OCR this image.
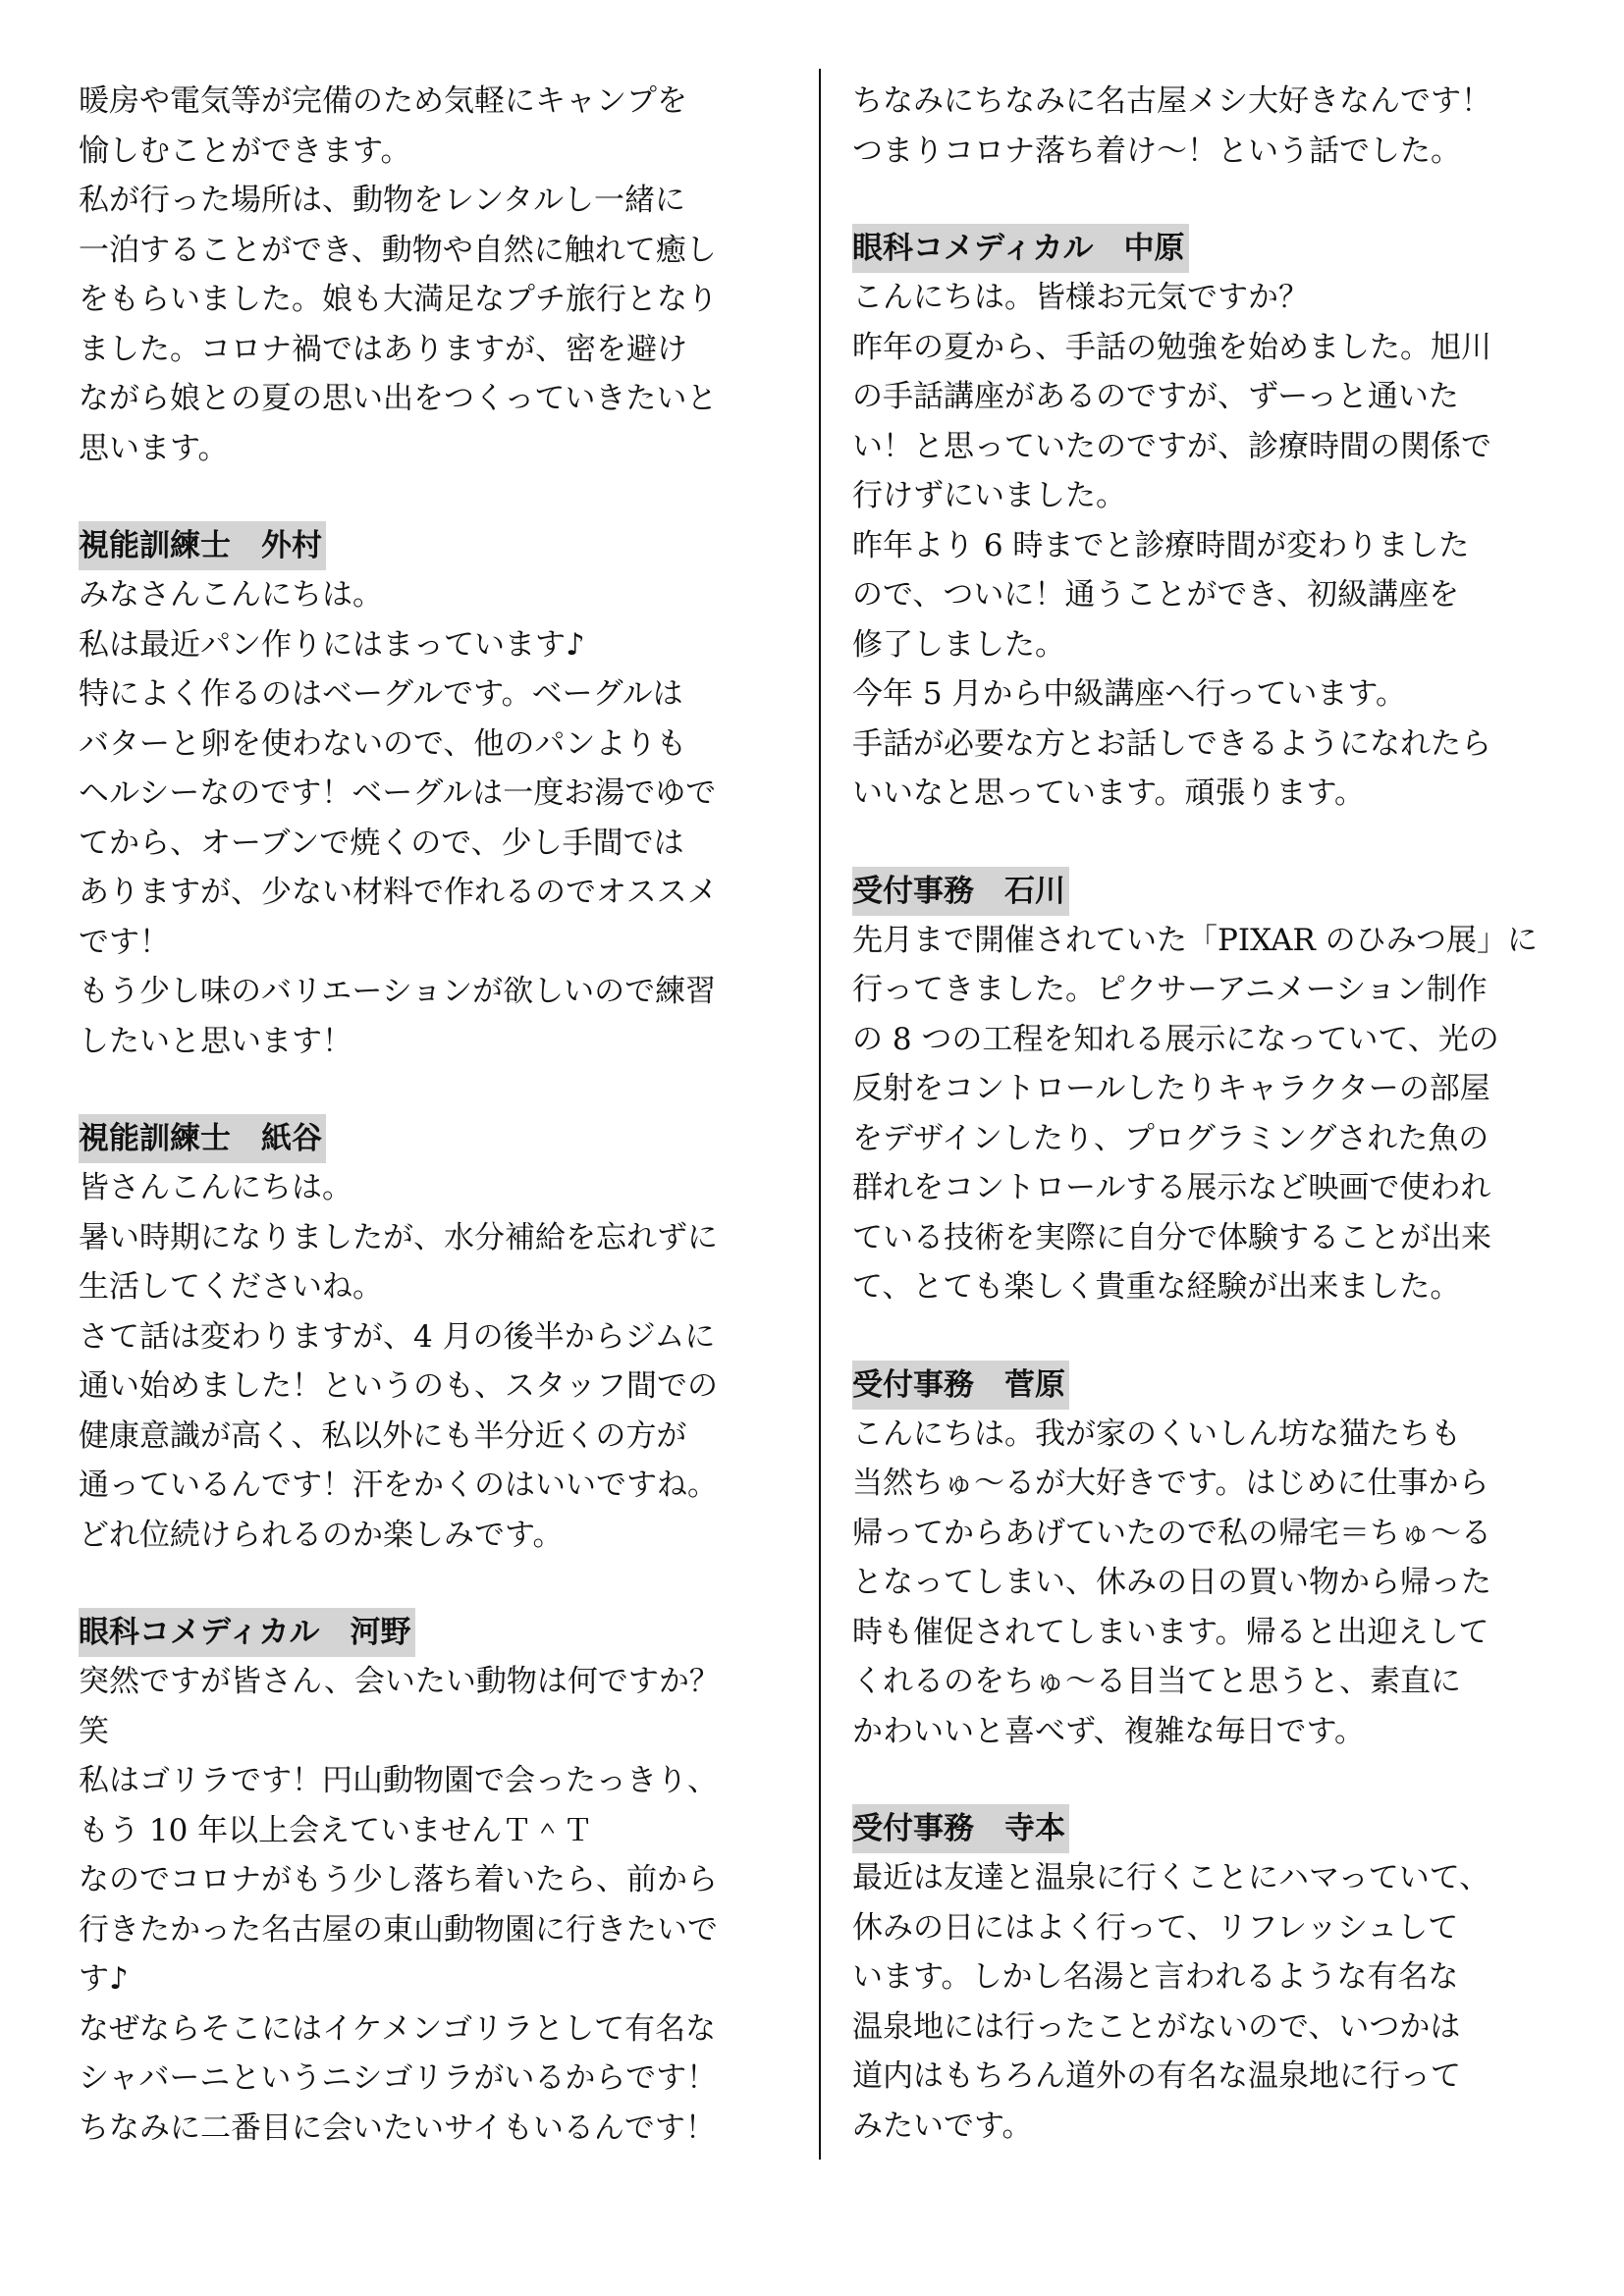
暖房や電気等が完備のため気軽にキャンプを
愉しむことができます。
私が行った場所は、動物をレンタルし一緒に
一泊することができ、動物や自然に触れて癒し
をもらいました。娘も大満足なプチ旅行となり
ました。コロナ禍ではありますが、密を避け
ながら娘との夏の思い出をつくっていきたいと
思います。
視能訓練士　外村
みなさんこんにちは。
私は最近パン作りにはまっています♪
特によく作るのはベーグルです。ベーグルは
バターと卵を使わないので、他のパンよりも
ヘルシーなのです！ベーグルは一度お湯でゆで
てから、オーブンで焼くので、少し手間では
ありますが、少ない材料で作れるのでオススメ
です！
もう少し味のバリエーションが欲しいので練習
したいと思います！
視能訓練士　紙谷
皆さんこんにちは。
暑い時期になりましたが、水分補給を忘れずに
生活してくださいね。
さて話は変わりますが、4 月の後半からジムに
通い始めました！というのも、スタッフ間での
健康意識が高く、私以外にも半分近くの方が
通っているんです！汗をかくのはいいですね。
どれ位続けられるのか楽しみです。
眼科コメディカル　河野
突然ですが皆さん、会いたい動物は何ですか？
笑
私はゴリラです！円山動物園で会ったっきり、
もう 10 年以上会えていませんＴ＾Ｔ
なのでコロナがもう少し落ち着いたら、前から
行きたかった名古屋の東山動物園に行きたいで
す♪
なぜならそこにはイケメンゴリラとして有名な
シャバーニというニシゴリラがいるからです！
ちなみに二番目に会いたいサイもいるんです！
ちなみにちなみに名古屋メシ大好きなんです！
つまりコロナ落ち着け～！という話でした。
眼科コメディカル　中原
こんにちは。皆様お元気ですか？
昨年の夏から、手話の勉強を始めました。旭川
の手話講座があるのですが、ずーっと通いた
い！と思っていたのですが、診療時間の関係で
行けずにいました。
昨年より 6 時までと診療時間が変わりました
ので、ついに！通うことができ、初級講座を
修了しました。
今年 5 月から中級講座へ行っています。
手話が必要な方とお話しできるようになれたら
いいなと思っています。頑張ります。
受付事務　石川
先月まで開催されていた「PIXAR のひみつ展」に
行ってきました。ピクサーアニメーション制作
の 8 つの工程を知れる展示になっていて、光の
反射をコントロールしたりキャラクターの部屋
をデザインしたり、プログラミングされた魚の
群れをコントロールする展示など映画で使われ
ている技術を実際に自分で体験することが出来
て、とても楽しく貴重な経験が出来ました。
受付事務　菅原
こんにちは。我が家のくいしん坊な猫たちも
当然ちゅ～るが大好きです。はじめに仕事から
帰ってからあげていたので私の帰宅＝ちゅ～る
となってしまい、休みの日の買い物から帰った
時も催促されてしまいます。帰ると出迎えして
くれるのをちゅ～る目当てと思うと、素直に
かわいいと喜べず、複雑な毎日です。
受付事務　寺本
最近は友達と温泉に行くことにハマっていて、
休みの日にはよく行って、リフレッシュして
います。しかし名湯と言われるような有名な
温泉地には行ったことがないので、いつかは
道内はもちろん道外の有名な温泉地に行って
みたいです。
